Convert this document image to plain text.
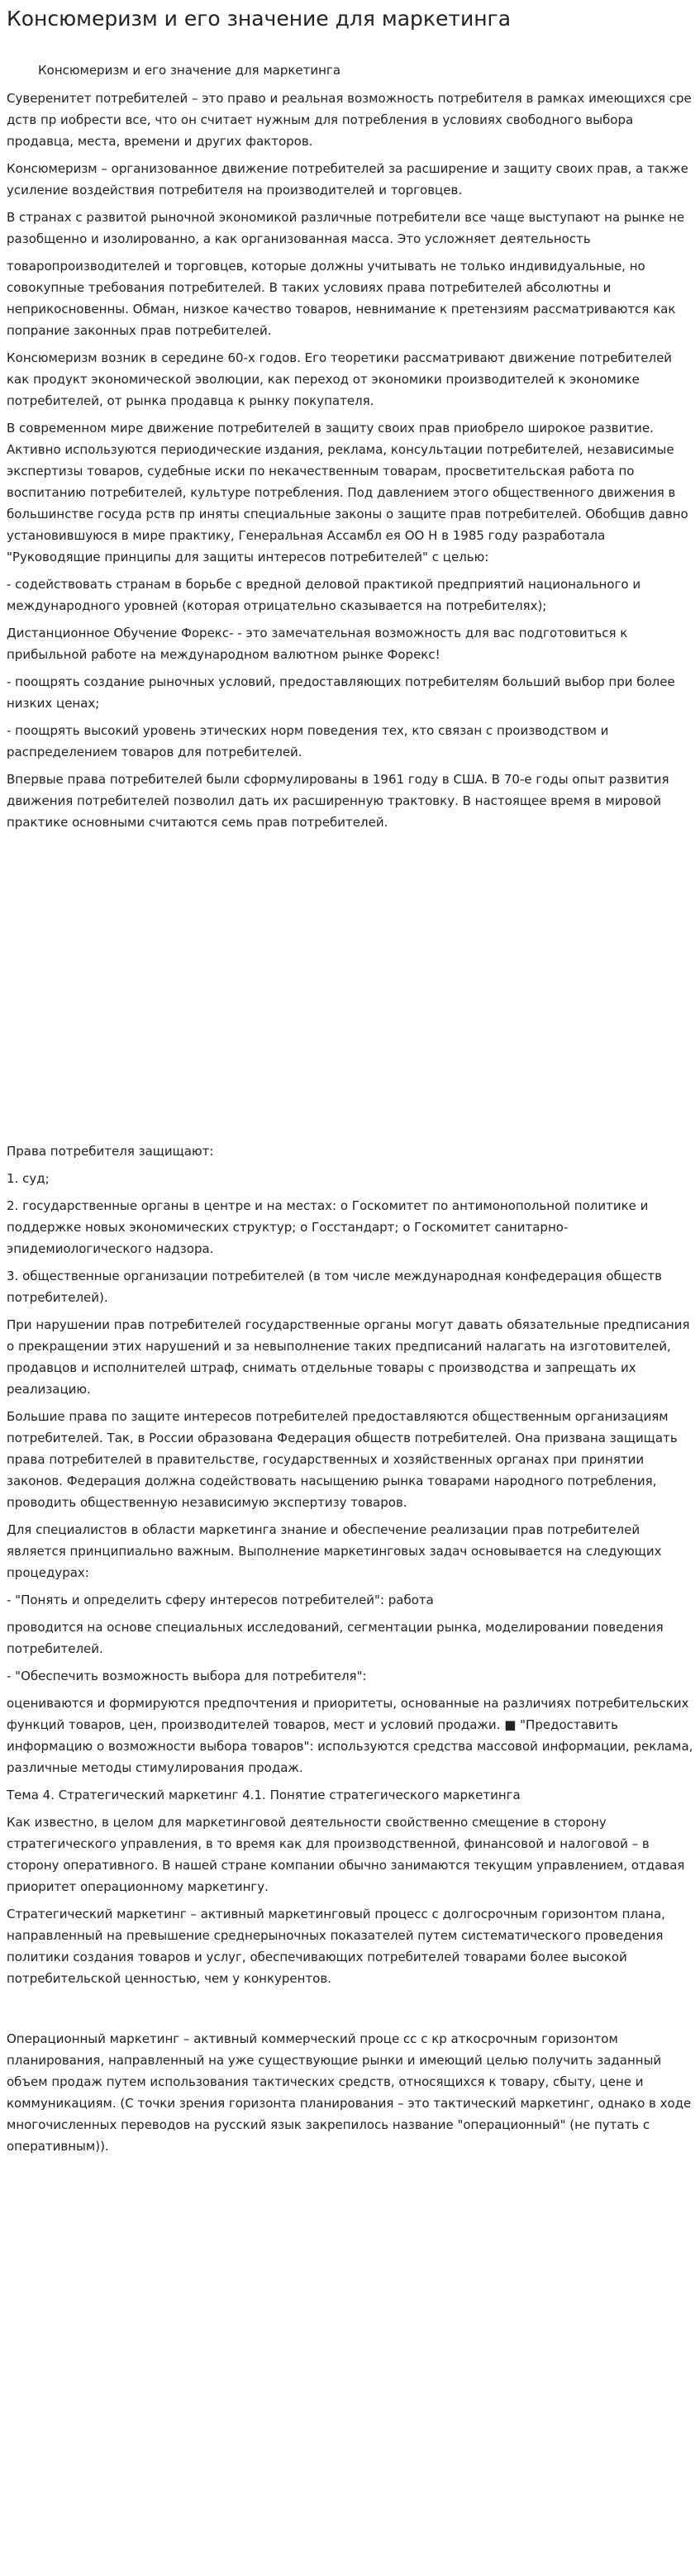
Консюмеризм и его значение для маркетинга

Консюмеризм и его значение для маркетинга

Суверенитет потребителей – это право и реальная возможность потребителя в рамках имеющихся сре дств пр иобрести все, что он считает нужным для потребления в условиях свободного выбора продавца, места, времени и других факторов.

Консюмеризм – организованное движение потребителей за расширение и защиту своих прав, а также усиление воздействия потребителя на производителей и торговцев.

В странах с развитой рыночной экономикой различные потребители все чаще выступают на рынке не разобщенно и изолированно, а как организованная масса. Это усложняет деятельность

товаропроизводителей и торговцев, которые должны учитывать не только индивидуальные, но совокупные требования потребителей. В таких условиях права потребителей абсолютны и неприкосновенны. Обман, низкое качество товаров, невнимание к претензиям рассматриваются как попрание законных прав потребителей.

Консюмеризм возник в середине 60-х годов. Его теоретики рассматривают движение потребителей как продукт экономической эволюции, как переход от экономики производителей к экономике потребителей, от рынка продавца к рынку покупателя.

В современном мире движение потребителей в защиту своих прав приобрело широкое развитие. Активно используются периодические издания, реклама, консультации потребителей, независимые экспертизы товаров, судебные иски по некачественным товарам, просветительская работа по воспитанию потребителей, культуре потребления. Под давлением этого общественного движения в большинстве госуда рств пр иняты специальные законы о защите прав потребителей. Обобщив давно установившуюся в мире практику, Генеральная Ассамбл ея ОО Н в 1985 году разработала "Руководящие принципы для защиты интересов потребителей" с целью:

- содействовать странам в борьбе с вредной деловой практикой предприятий национального и международного уровней (которая отрицательно сказывается на потребителях);

Дистанционное Обучение Форекс- - это замечательная возможность для вас подготовиться к прибыльной работе на международном валютном рынке Форекс!

- поощрять создание рыночных условий, предоставляющих потребителям больший выбор при более низких ценах;

- поощрять высокий уровень этических норм поведения тех, кто связан с производством и распределением товаров для потребителей.

Впервые права потребителей были сформулированы в 1961 году в США. В 70-е годы опыт развития движения потребителей позволил дать их расширенную трактовку. В настоящее время в мировой практике основными считаются семь прав потребителей.

Права потребителя защищают:

1. суд;

2. государственные органы в центре и на местах: о Госкомитет по антимонопольной политике и поддержке новых экономических структур; о Госстандарт; о Госкомитет санитарно-эпидемиологического надзора.

3. общественные организации потребителей (в том числе международная конфедерация обществ потребителей).

При нарушении прав потребителей государственные органы могут давать обязательные предписания о прекращении этих нарушений и за невыполнение таких предписаний налагать на изготовителей, продавцов и исполнителей штраф, снимать отдельные товары с производства и запрещать их реализацию.

Большие права по защите интересов потребителей предоставляются общественным организациям потребителей. Так, в России образована Федерация обществ потребителей. Она призвана защищать права потребителей в правительстве, государственных и хозяйственных органах при принятии законов. Федерация должна содействовать насыщению рынка товарами народного потребления, проводить общественную независимую экспертизу товаров.

Для специалистов в области маркетинга знание и обеспечение реализации прав потребителей является принципиально важным. Выполнение маркетинговых задач основывается на следующих процедурах:

- "Понять и определить сферу интересов потребителей": работа

проводится на основе специальных исследований, сегментации рынка, моделировании поведения потребителей.

- "Обеспечить возможность выбора для потребителя":

оцениваются и формируются предпочтения и приоритеты, основанные на различиях потребительских функций товаров, цен, производителей товаров, мест и условий продажи. ■ "Предоставить информацию о возможности выбора товаров": используются средства массовой информации, реклама, различные методы стимулирования продаж.

Тема 4. Стратегический маркетинг 4.1. Понятие стратегического маркетинга

Как известно, в целом для маркетинговой деятельности свойственно смещение в сторону стратегического управления, в то время как для производственной, финансовой и налоговой – в сторону оперативного. В нашей стране компании обычно занимаются текущим управлением, отдавая приоритет операционному маркетингу.

Стратегический маркетинг – активный маркетинговый процесс с долгосрочным горизонтом плана, направленный на превышение среднерыночных показателей путем систематического проведения политики создания товаров и услуг, обеспечивающих потребителей товарами более высокой потребительской ценностью, чем у конкурентов.

Операционный маркетинг – активный коммерческий проце сс с кр аткосрочным горизонтом планирования, направленный на уже существующие рынки и имеющий целью получить заданный объем продаж путем использования тактических средств, относящихся к товару, сбыту, цене и коммуникациям. (С точки зрения горизонта планирования – это тактический маркетинг, однако в ходе многочисленных переводов на русский язык закрепилось название "операционный" (не путать с оперативным)).
